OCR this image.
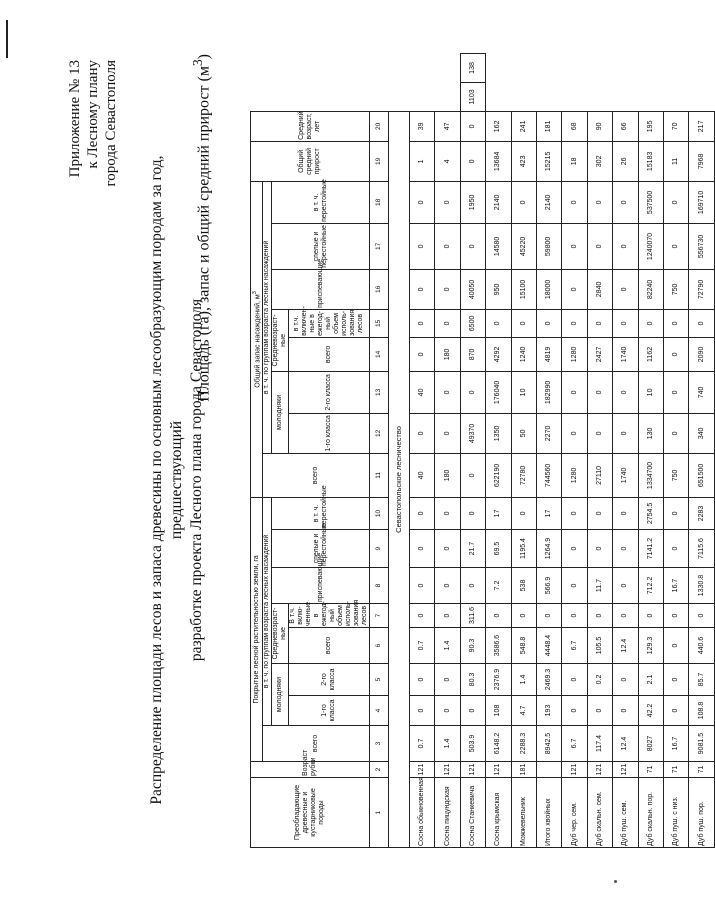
Приложение № 13 к Лесному плану города Севастополя
Распределение площади лесов и запаса древесины по основным лесообразующим породам за год, предшествующий разработке проекта Лесного плана города Севастополя
Площадь (га), запас и общий средний прирост $(м^3)$
Преобладающие древесные и кустарниковые породы	Возраст рубки	Покрытые лесной растительностью земли, га								Общий запас насаждений, $м^3$								Общий средний прирост	Средний возраст, лет		
		всего	в т. ч. по группам возраста лесных насаждений							всего	в т. ч. по группам возраста лесных насаждений										
			молодняки		Средневозраст-ные		приспевающие	спелые и перестойные	в т. ч. перестойные		молодняки		Средневозраст-ные		приспевающие	спелые и перестойные	в т. ч. перестойные				
			1-го класса	2-го класса	всего	В т.ч. вклю-ченные в ежегод-ный объем исполь-зования лесов					1-го класса	2-го класса	всего	в т.ч. включен-ные в ежегод-ный объем исполь-зования лесов							

1	2	3	4	5	6	7	8	9	10	11	12	13	14	15	16	17	18	19	20		
Севастопольское лесничество																					
Сосна обыкновенная	121	0.7	0	0	0.7	0	0	0	0	40	0	40	0	0	0	0	0	1	39		
Сосна пицундская	121	1.4	0	0	1.4	0	0	0	0	180	0	0	180	0	0	0	0	4	47		
Сосна Станкевича	121	503.9	0	80.3	90.3	311.6	0	21.7	0	0	49370	0	870	6500	40050	0	1950	0	0	1103	138
Сосна крымская	121	6148.2	108	2376.9	3586.6	0	7.2	69.5	17	622190	1350	176040	4292	0	950	14580	2140	13684	162		
Можжевельник	181	2288.3	4.7	1.4	548.8	0	538	1195.4	0	72780	50	10	1240	0	15100	45220	0	423	241		
Итого хвойных		8942.5	193	2469.3	4448.4	0	566.9	1264.9	17	744560	2270	182990	4819	0	18000	59800	2140	15215	181		
Дуб чер. сем.	121	6.7	0	0	6.7	0	0	0	0	1280	0	0	1280	0	0	0	0	18	68		
Дуб скальн. сем.	121	117.4	0	0.2	105.5	0	11.7	0	0	27110	0	0	2427	0	2840	0	0	302	90		
Дуб пуш. сем.	121	12.4	0	0	12.4	0	0	0	0	1740	0	0	1740	0	0	0	0	26	66		
Дуб скальн. пор.	71	8027	42.2	2.1	129.3	0	712.2	7141.2	2754.5	1334700	130	10	1162	0	82240	1240070	537500	15183	195		
Дуб пуш. с низ.	71	16.7	0	0	0	0	16.7	0	0	750	0	0	0	0	750	0	0	11	70		
Дуб пуш. пор.	71	9081.5	108.8	85.7	440.6	0	1330.8	7115.6	2283	651500	340	740	2090	0	72790	556730	169710	7968	217		
